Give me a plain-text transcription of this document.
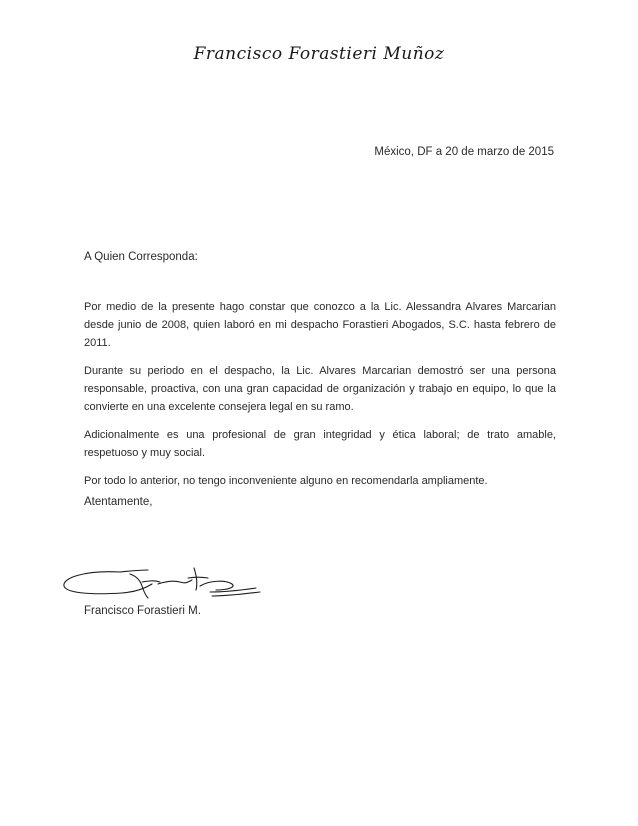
Francisco Forastieri Muñoz
México, DF a 20 de marzo de 2015
A Quien Corresponda:

Por medio de la presente hago constar que conozco a la Lic. Alessandra Alvares Marcarian desde junio de 2008, quien laboró en mi despacho Forastieri Abogados, S.C. hasta febrero de 2011.

Durante su periodo en el despacho, la Lic. Alvares Marcarian demostró ser una persona responsable, proactiva, con una gran capacidad de organización y trabajo en equipo, lo que la convierte en una excelente consejera legal en su ramo.

Adicionalmente es una profesional de gran integridad y ética laboral; de trato amable, respetuoso y muy social.

Por todo lo anterior, no tengo inconveniente alguno en recomendarla ampliamente.

Atentamente,
Francisco Forastieri M.
